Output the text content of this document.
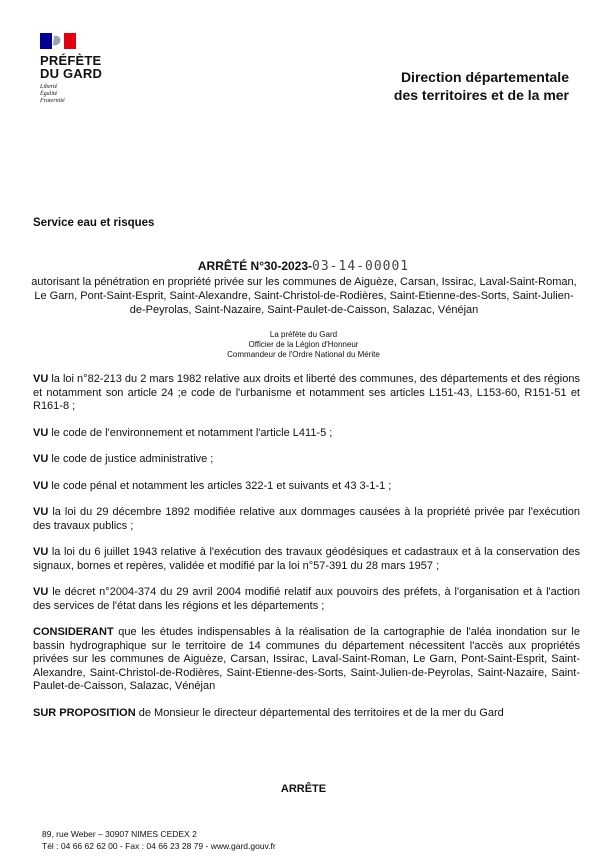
PRÉFÈTE
DU GARD
Liberté
Égalité
Fraternité
Direction départementale
des territoires et de la mer
Service eau et risques
ARRÊTÉ N°30-2023-03-14-00001
autorisant la pénétration en propriété privée sur les communes de Aiguèze, Carsan, Issirac, Laval-Saint-Roman, Le Garn, Pont-Saint-Esprit, Saint-Alexandre, Saint-Christol-de-Rodières, Saint-Etienne-des-Sorts, Saint-Julien-de-Peyrolas, Saint-Nazaire, Saint-Paulet-de-Caisson, Salazac, Vénéjan
La préfète du Gard
Officier de la Légion d'Honneur
Commandeur de l'Ordre National du Mérite

VU la loi n°82-213 du 2 mars 1982 relative aux droits et liberté des communes, des départements et des régions et notamment son article 24 ;e code de l'urbanisme et notamment ses articles L151-43, L153-60, R151-51 et R161-8 ;

VU le code de l'environnement et notamment l'article L411-5 ;

VU le code de justice administrative ;

VU le code pénal et notamment les articles 322-1 et suivants et 43 3-1-1 ;

VU la loi du 29 décembre 1892 modifiée relative aux dommages causées à la propriété privée par l'exécution des travaux publics ;

VU la loi du 6 juillet 1943 relative à l'exécution des travaux géodésiques et cadastraux et à la conservation des signaux, bornes et repères, validée et modifié par la loi n°57-391 du 28 mars 1957 ;

VU le décret n°2004-374 du 29 avril 2004 modifié relatif aux pouvoirs des préfets, à l'organisation et à l'action des services de l'état dans les régions et les départements ;

CONSIDERANT que les études indispensables à la réalisation de la cartographie de l'aléa inondation sur le bassin hydrographique sur le territoire de 14 communes du département nécessitent l'accès aux propriétés privées sur les communes de Aiguèze, Carsan, Issirac, Laval-Saint-Roman, Le Garn, Pont-Saint-Esprit, Saint-Alexandre, Saint-Christol-de-Rodières, Saint-Etienne-des-Sorts, Saint-Julien-de-Peyrolas, Saint-Nazaire, Saint-Paulet-de-Caisson, Salazac, Vénéjan

SUR PROPOSITION de Monsieur le directeur départemental des territoires et de la mer du Gard

ARRÊTE
89, rue Weber – 30907 NIMES CEDEX 2
Tél : 04 66 62 62 00 - Fax : 04 66 23 28 79 - www.gard.gouv.fr
